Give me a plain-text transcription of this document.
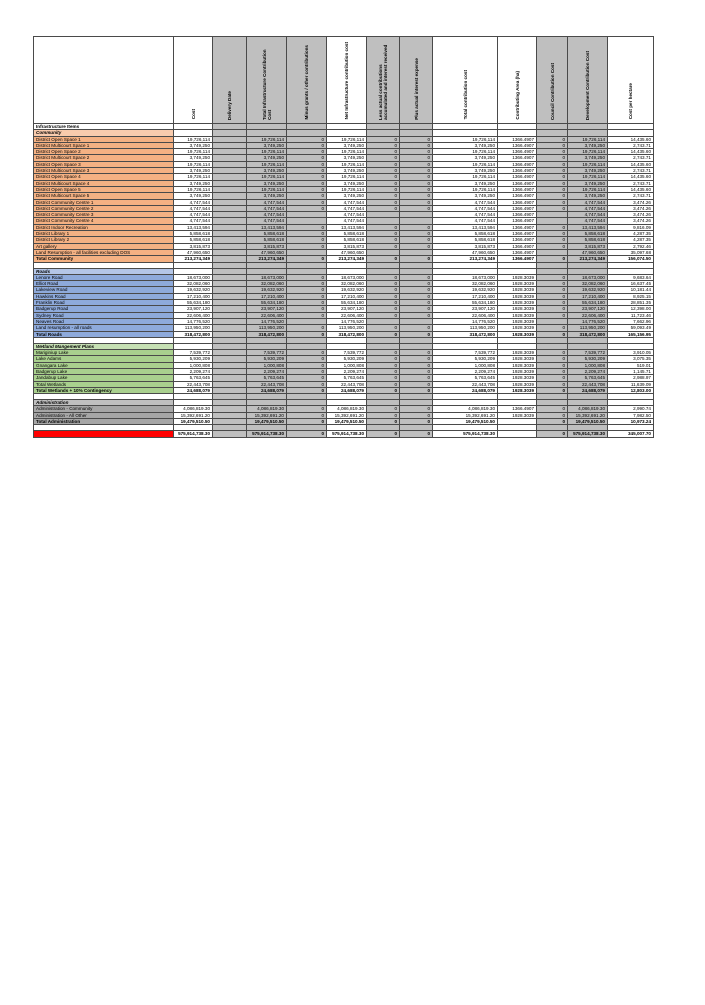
	Cost	Delivery Date	Total Infrastructure Contribution Cost	Minus grants / other contributions	Net Infrastructure contribution cost	Less actual contributions accumulated and interest received	Plus actual interest expense	Total contribution cost	Contributing Area (ha)	Council Contribution Cost	Development Contribution Cost	Cost per hectare
Infrastructure Items												
Community												
District Open Space 1	19,726,114		19,726,114	0	19,726,114	0	0	19,726,114	1366.4907	0	19,726,114	14,435.60
District Multicourt Space 1	3,749,250		3,749,250	0	3,749,250	0	0	3,749,250	1366.4907	0	3,749,250	2,743.71
District Open Space 2	19,726,114		19,726,114	0	19,726,114	0	0	19,726,114	1366.4907	0	19,726,114	14,435.60
District Multicourt Space 2	3,749,250		3,749,250	0	3,749,250	0	0	3,749,250	1366.4907	0	3,749,250	2,743.71
District Open Space 3	19,726,114		19,726,114	0	19,726,114	0	0	19,726,114	1366.4907	0	19,726,114	14,435.60
District Multicourt Space 3	3,749,250		3,749,250	0	3,749,250	0	0	3,749,250	1366.4907	0	3,749,250	2,743.71
District Open Space 4	19,726,114		19,726,114	0	19,726,114	0	0	19,726,114	1366.4907	0	19,726,114	14,435.60
District Multicourt Space 4	3,749,250		3,749,250	0	3,749,250	0	0	3,749,250	1366.4907	0	3,749,250	2,743.71
District Open Space 5	19,726,114		19,726,114	0	19,726,114	0	0	19,726,114	1366.4907	0	19,726,114	14,435.60
District Multicourt Space 5	3,749,250		3,749,250	0	3,749,250	0	0	3,749,250	1366.4907	0	3,749,250	2,743.71
District Community Centre 1	4,747,544		4,747,544	0	4,747,544	0	0	4,747,544	1366.4907	0	4,747,544	3,474.26
District Community Centre 2	4,747,544		4,747,544	0	4,747,544	0	0	4,747,544	1366.4907	0	4,747,544	3,474.26
District Community Centre 3	4,747,544		4,747,544		4,747,544			4,747,544	1366.4907		4,747,544	3,474.26
District Community Centre 4	4,747,544		4,747,544		4,747,544			4,747,544	1366.4907		4,747,544	3,474.26
District Indoor Recreation	13,413,594		13,413,594	0	13,413,594	0	0	13,413,594	1366.4907	0	13,413,594	9,816.09
District Library 1	5,858,618		5,858,618	0	5,858,618	0	0	5,858,618	1366.4907	0	5,858,618	4,287.35
District Library 2	5,858,618		5,858,618	0	5,858,618	0	0	5,858,618	1366.4907	0	5,858,618	4,287.35
Art gallery	3,815,873		3,815,873	0	3,815,873	0	0	3,815,873	1366.4907	0	3,815,873	2,792.46
Land Resumption - all facilities excluding DOS	47,960,650		47,960,650		47,960,650			47,960,650	1366.4907		47,960,650	35,097.68
Total Community	213,274,349		213,274,349	0	213,274,349	0	0	213,274,349	1366.4907	0	213,274,349	156,074.50

Roads												
Lenore Road	18,673,000		18,673,000	0	18,673,000	0	0	18,673,000	1928.3039	0	18,673,000	9,683.64
Elliot Road	32,082,060		32,082,060	0	32,082,060	0	0	32,082,060	1928.3039	0	32,082,060	16,637.45
Lakeview Road	19,632,920		19,632,920	0	19,632,920	0	0	19,632,920	1928.3039	0	19,632,920	10,181.44
Hawkins Road	17,210,400		17,210,400	0	17,210,400	0	0	17,210,400	1928.3039	0	17,210,400	8,925.15
Franklin Road	55,634,180		55,634,180	0	55,634,180	0	0	55,634,180	1928.3039	0	55,634,180	28,851.35
Badgerup Road	23,907,120		23,907,120	0	23,907,120	0	0	23,907,120	1928.3039	0	23,907,120	12,398.00
Sydney Road	22,606,400		22,606,400	0	22,606,400	0	0	22,606,400	1928.3039	0	22,606,400	11,723.46
Neaves Road	14,776,520		14,776,520		14,776,520			14,776,520	1928.3039		14,776,520	7,662.96
Land resumption - all roads	113,950,200		113,950,200	0	113,950,200	0	0	113,950,200	1928.3039	0	113,950,200	59,093.49
Total Roads	318,472,800		318,472,800	0	318,472,800	0	0	318,472,800	1928.3039	0	318,472,800	165,156.95

Wetland Mangement Plans												
Mariginiup Lake	7,539,772		7,539,772	0	7,539,772	0	0	7,539,772	1928.3039	0	7,539,772	3,910.05
Lake Adams	5,930,209		5,930,209	0	5,930,209	0	0	5,930,209	1928.3039	0	5,930,209	3,075.35
Gnangara Lake	1,000,808		1,000,808	0	1,000,808	0	0	1,000,808	1928.3039	0	1,000,808	519.01
Badgerup Lake	2,209,274		2,209,274	0	2,209,274	0	0	2,209,274	1928.3039	0	2,209,274	1,145.71
Jandabup Lake	5,763,645		5,763,645	0	5,763,645	0	0	5,763,645	1928.3039	0	5,763,645	2,988.97
Total Wetlands	22,443,708		22,443,708	0	22,443,708	0	0	22,443,708	1928.3039	0	22,443,708	11,639.09
Total Wetlands + 10% Contingency	24,688,079		24,688,079	0	24,688,079	0	0	24,688,079	1928.3039	0	24,688,079	12,803.00

Administration												
Administration - Community	4,086,819.30		4,086,819.30	0	4,086,819.30	0	0	4,086,819.30	1366.4907	0	4,086,819.30	2,990.74
Administration - All Other	15,392,691.20		15,392,691.20	0	15,392,691.20	0	0	15,392,691.20	1928.3039	0	15,392,691.20	7,982.50
Total Administration	19,479,510.50		19,479,510.50	0	19,479,510.50	0	0	19,479,510.50		0	19,479,510.50	10,973.24

TOTAL	575,914,738.30		575,914,738.30	0	575,914,738.30	0	0	575,914,738.30		0	575,914,738.30	345,007.70
